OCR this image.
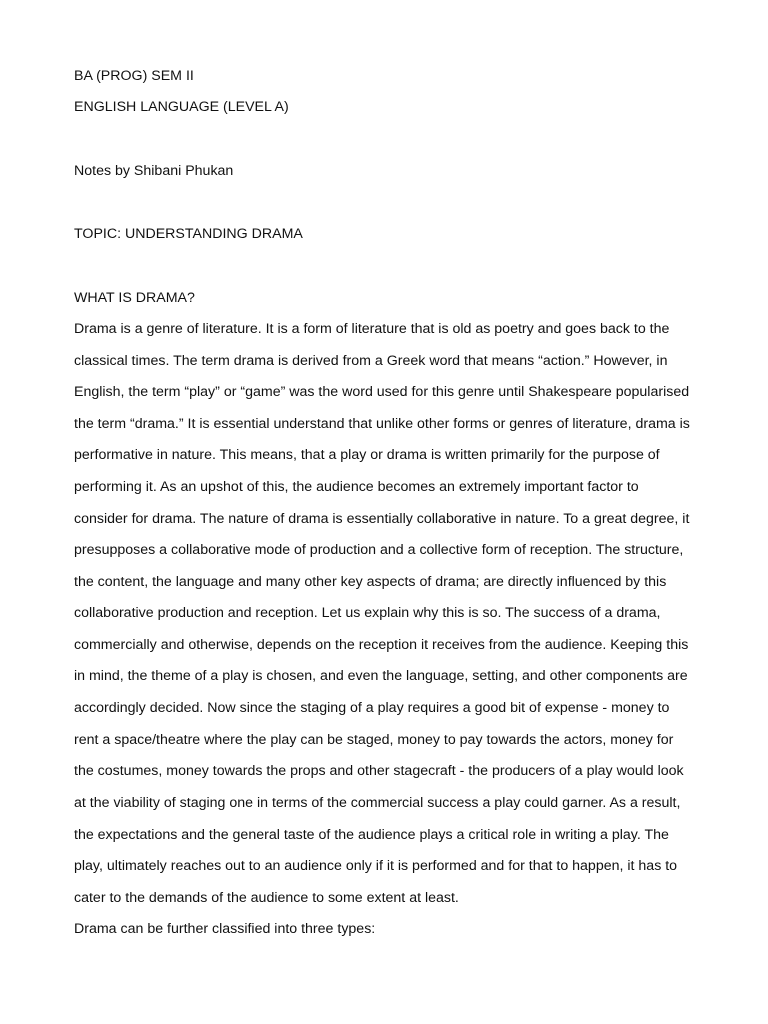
BA (PROG) SEM II
ENGLISH LANGUAGE (LEVEL A)
Notes by Shibani Phukan
TOPIC: UNDERSTANDING DRAMA
WHAT IS DRAMA?
Drama is a genre of literature. It is a form of literature that is old as poetry and goes back to the
classical times. The term drama is derived from a Greek word that means “action.” However, in
English, the term “play” or “game” was the word used for this genre until Shakespeare popularised
the term “drama.” It is essential understand that unlike other forms or genres of literature, drama is
performative in nature. This means, that a play or drama is written primarily for the purpose of
performing it. As an upshot of this, the audience becomes an extremely important factor to
consider for drama. The nature of drama is essentially collaborative in nature. To a great degree, it
presupposes a collaborative mode of production and a collective form of reception. The structure,
the content, the language and many other key aspects of drama; are directly influenced by this
collaborative production and reception. Let us explain why this is so. The success of a drama,
commercially and otherwise, depends on the reception it receives from the audience. Keeping this
in mind, the theme of a play is chosen, and even the language, setting, and other components are
accordingly decided. Now since the staging of a play requires a good bit of expense - money to
rent a space/theatre where the play can be staged, money to pay towards the actors, money for
the costumes, money towards the props and other stagecraft - the producers of a play would look
at the viability of staging one in terms of the commercial success a play could garner. As a result,
the expectations and the general taste of the audience plays a critical role in writing a play. The
play, ultimately reaches out to an audience only if it is performed and for that to happen, it has to
cater to the demands of the audience to some extent at least.
Drama can be further classified into three types:
